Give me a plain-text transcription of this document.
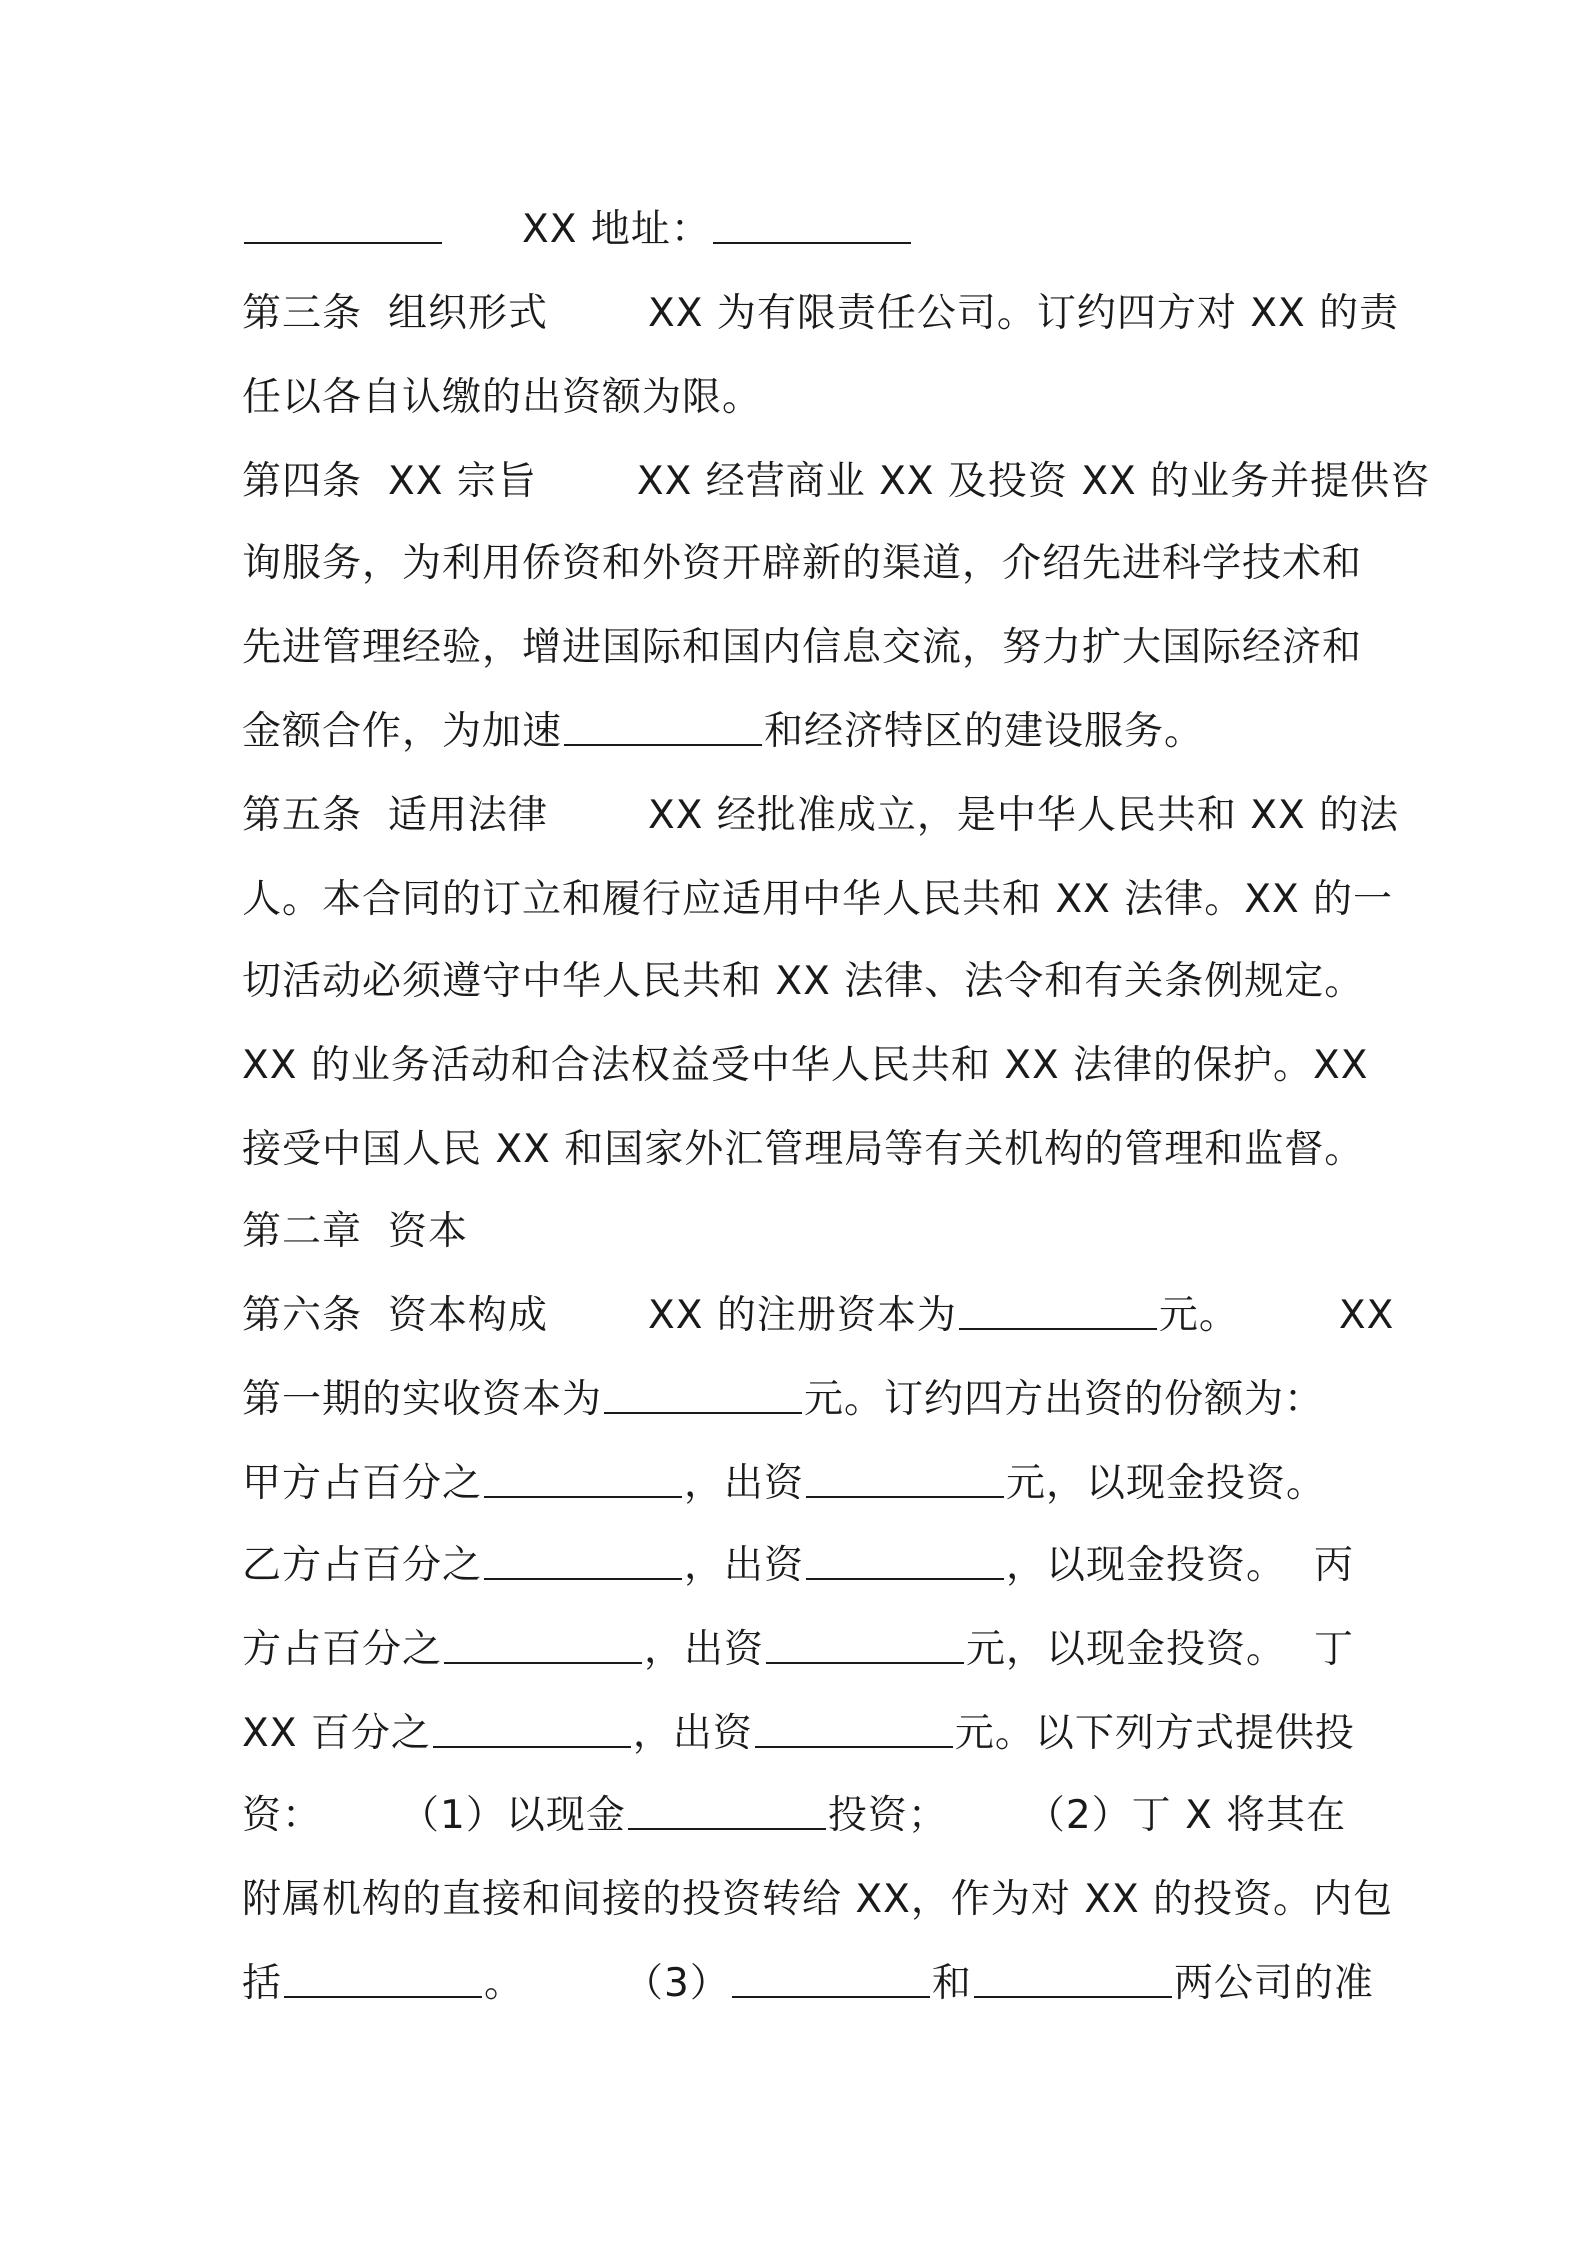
XX 地址：
第三条 组织形式	XX 为有限责任公司。订约四方对 XX 的责
任以各自认缴的出资额为限。
第四条 XX 宗旨	XX 经营商业 XX 及投资 XX 的业务并提供咨
询服务，为利用侨资和外资开辟新的渠道，介绍先进科学技术和
先进管理经验，增进国际和国内信息交流，努力扩大国际经济和
金额合作，为加速	和经济特区的建设服务。
第五条 适用法律	XX 经批准成立，是中华人民共和 XX 的法
人。本合同的订立和履行应适用中华人民共和 XX 法律。XX 的一
切活动必须遵守中华人民共和 XX 法律、法令和有关条例规定。
XX 的业务活动和合法权益受中华人民共和 XX 法律的保护。XX
接受中国人民 XX 和国家外汇管理局等有关机构的管理和监督。
第二章 资本
第六条 资本构成	XX 的注册资本为	元。	XX
第一期的实收资本为	元。订约四方出资的份额为：
甲方占百分之	，出资	元，以现金投资。
乙方占百分之	，出资	，以现金投资。 丙
方占百分之	，出资	元，以现金投资。 丁
XX 百分之	，出资	元。以下列方式提供投
资： （1）以现金	投资； （2）丁 X 将其在
附属机构的直接和间接的投资转给 XX，作为对 XX 的投资。内包
括	。	（3）	和	两公司的准
